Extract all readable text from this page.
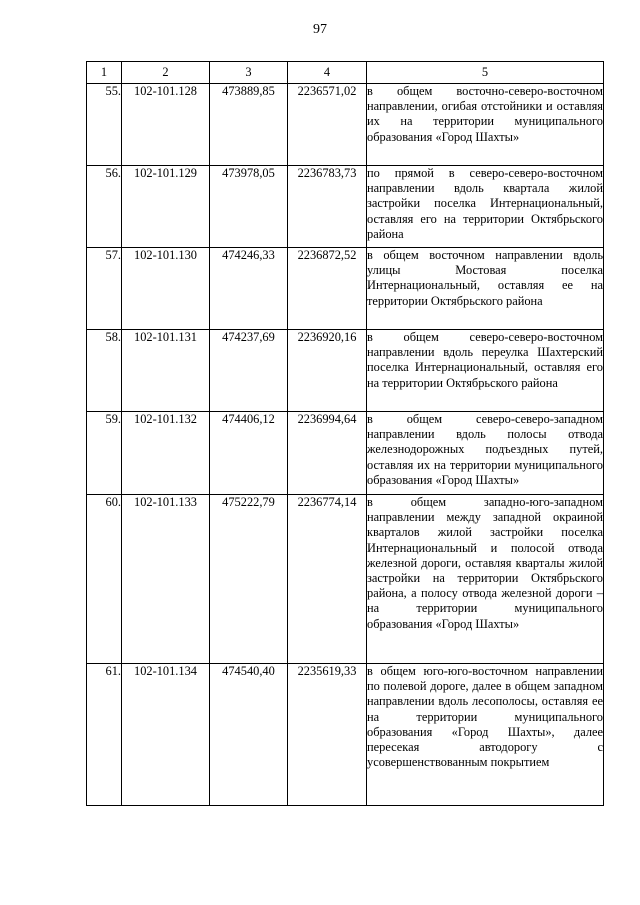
97
1	2	3	4	5
55.	102-101.128	473889,85	2236571,02	в общем восточно-северо-восточном направлении, огибая отстойники и оставляя их на территории муниципального образования «Город Шахты»
56.	102-101.129	473978,05	2236783,73	по прямой в северо-северо-восточном направлении вдоль квартала жилой застройки поселка Интернациональный, оставляя его на территории Октябрьского района
57.	102-101.130	474246,33	2236872,52	в общем восточном направлении вдоль улицы Мостовая поселка Интернациональный, оставляя ее на территории Октябрьского района
58.	102-101.131	474237,69	2236920,16	в общем северо-северо-восточном направлении вдоль переулка Шахтерский поселка Интернациональный, оставляя его на территории Октябрьского района
59.	102-101.132	474406,12	2236994,64	в общем северо-северо-западном направлении вдоль полосы отвода железнодорожных подъездных путей, оставляя их на территории муниципального образования «Город Шахты»
60.	102-101.133	475222,79	2236774,14	в общем западно-юго-западном направлении между западной окраиной кварталов жилой застройки поселка Интернациональный и полосой отвода железной дороги, оставляя кварталы жилой застройки на территории Октябрьского района, а полосу отвода железной дороги – на территории муниципального образования «Город Шахты»
61.	102-101.134	474540,40	2235619,33	в общем юго-юго-восточном направлении по полевой дороге, далее в общем западном направлении вдоль лесополосы, оставляя ее на территории муниципального образования «Город Шахты», далее пересекая автодорогу с усовершенствованным покрытием
